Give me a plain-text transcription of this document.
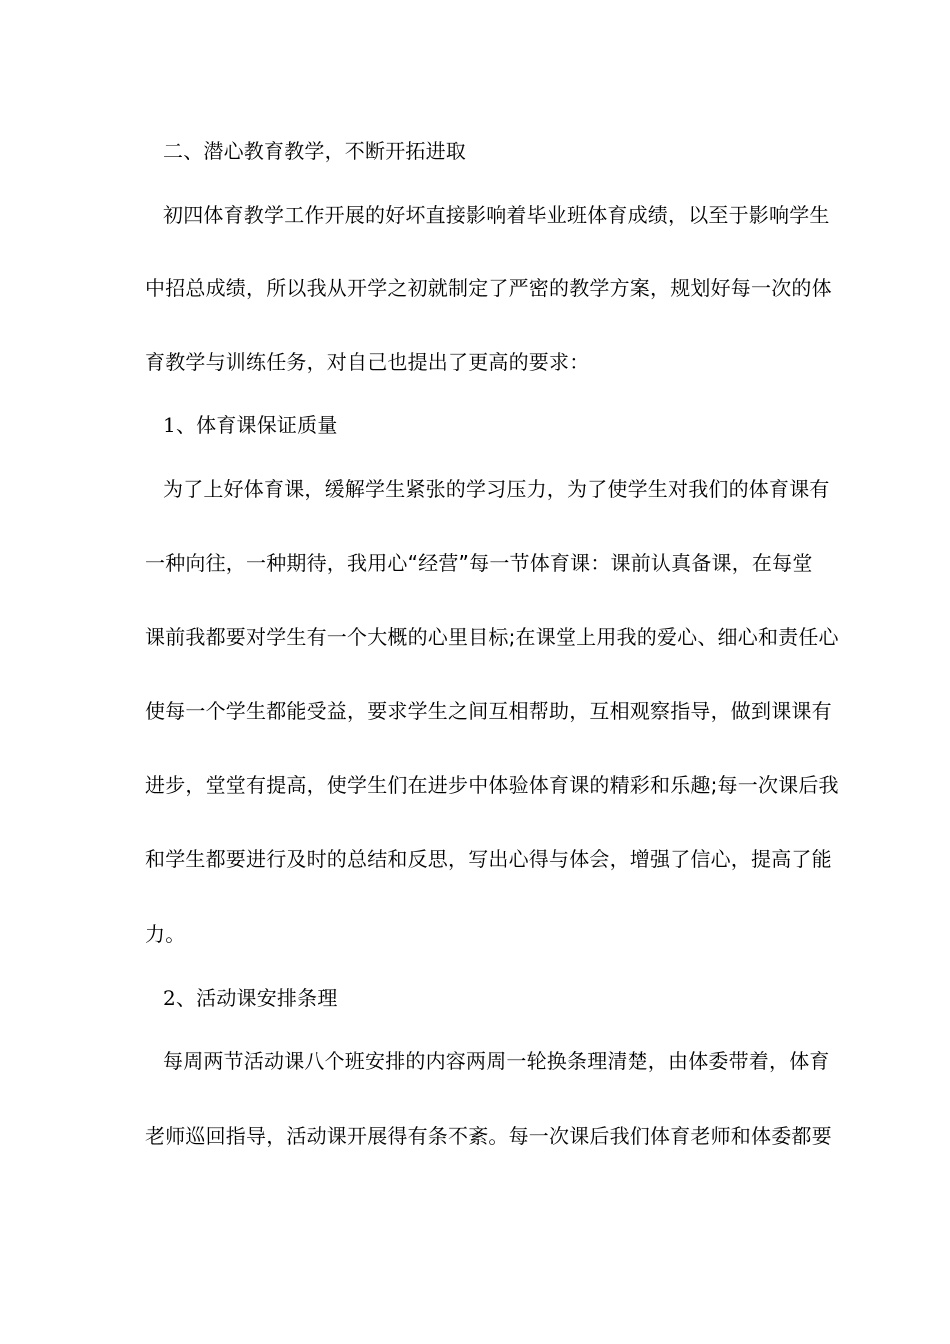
二、潜心教育教学，不断开拓进取
初四体育教学工作开展的好坏直接影响着毕业班体育成绩，以至于影响学生
中招总成绩，所以我从开学之初就制定了严密的教学方案，规划好每一次的体
育教学与训练任务，对自己也提出了更高的要求：
1、体育课保证质量
为了上好体育课，缓解学生紧张的学习压力，为了使学生对我们的体育课有
一种向往，一种期待，我用心“经营”每一节体育课：课前认真备课，在每堂
课前我都要对学生有一个大概的心里目标;在课堂上用我的爱心、细心和责任心
使每一个学生都能受益，要求学生之间互相帮助，互相观察指导，做到课课有
进步，堂堂有提高，使学生们在进步中体验体育课的精彩和乐趣;每一次课后我
和学生都要进行及时的总结和反思，写出心得与体会，增强了信心，提高了能
力。
2、活动课安排条理
每周两节活动课八个班安排的内容两周一轮换条理清楚，由体委带着，体育
老师巡回指导，活动课开展得有条不紊。每一次课后我们体育老师和体委都要
